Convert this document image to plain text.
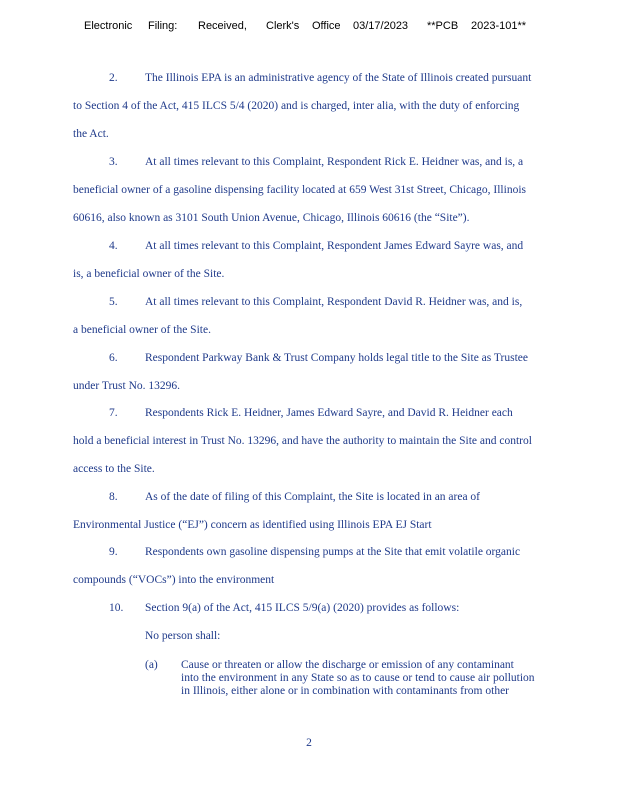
Electronic	Filing:	Received,	Clerk's	Office	03/17/2023	**PCB	2023-101**
2. The Illinois EPA is an administrative agency of the State of Illinois created pursuant
to Section 4 of the Act, 415 ILCS 5/4 (2020) and is charged, inter alia, with the duty of enforcing
the Act.
3. At all times relevant to this Complaint, Respondent Rick E. Heidner was, and is, a
beneficial owner of a gasoline dispensing facility located at 659 West 31st Street, Chicago, Illinois
60616, also known as 3101 South Union Avenue, Chicago, Illinois 60616 (the “Site”).
4. At all times relevant to this Complaint, Respondent James Edward Sayre was, and
is, a beneficial owner of the Site.
5. At all times relevant to this Complaint, Respondent David R. Heidner was, and is,
a beneficial owner of the Site.
6. Respondent Parkway Bank & Trust Company holds legal title to the Site as Trustee
under Trust No. 13296.
7. Respondents Rick E. Heidner, James Edward Sayre, and David R. Heidner each
hold a beneficial interest in Trust No. 13296, and have the authority to maintain the Site and control
access to the Site.
8. As of the date of filing of this Complaint, the Site is located in an area of
Environmental Justice (“EJ”) concern as identified using Illinois EPA EJ Start
9. Respondents own gasoline dispensing pumps at the Site that emit volatile organic
compounds (“VOCs”) into the environment
10. Section 9(a) of the Act, 415 ILCS 5/9(a) (2020) provides as follows:
No person shall:
(a) Cause or threaten or allow the discharge or emission of any contaminant
into the environment in any State so as to cause or tend to cause air pollution
in Illinois, either alone or in combination with contaminants from other
2
